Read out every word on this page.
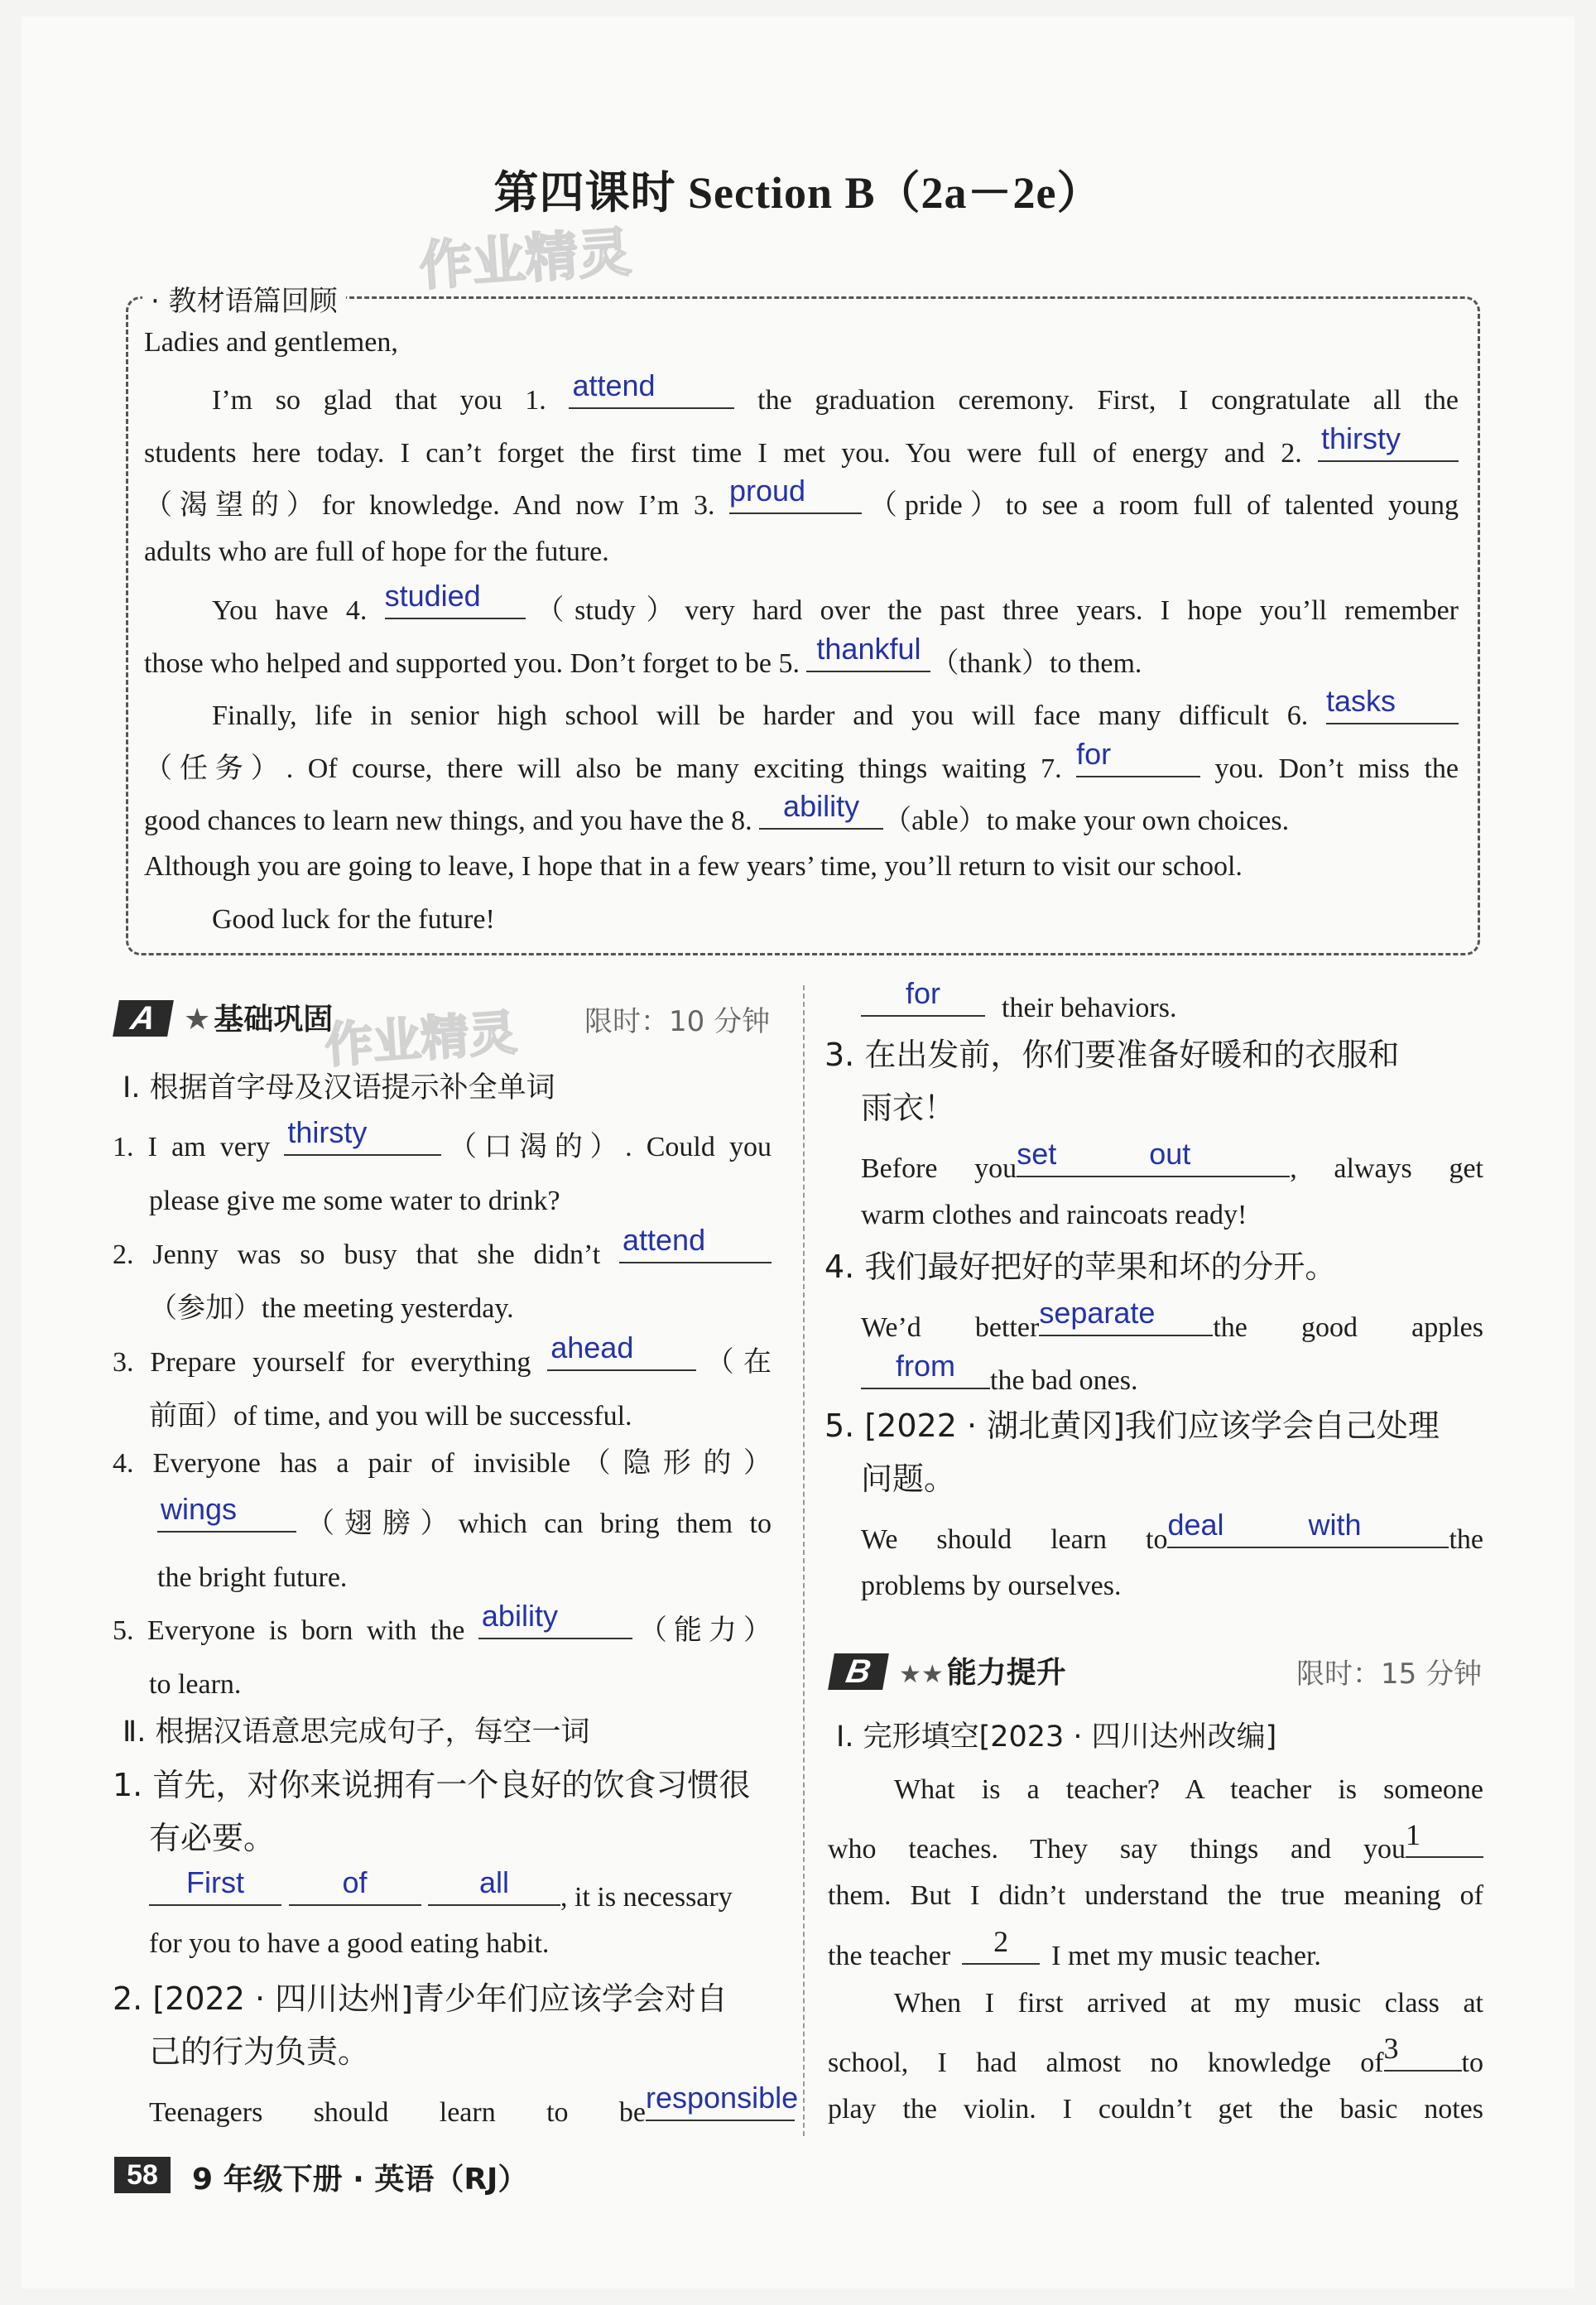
第四课时 Section B（2a－2e）
作业精灵
· 教材语篇回顾
Ladies and gentlemen,
I’m so glad that you 1. attend	the graduation ceremony. First, I congratulate all the
students here today. I can’t forget the first time I met you. You were full of energy and 2. thirsty
（渴望的）for knowledge. And now I’m 3. proud	（pride）to see a room full of talented young
adults who are full of hope for the future.
You have 4. studied	（study）very hard over the past three years. I hope you’ll remember
those who helped and supported you. Don’t forget to be 5. thankful （thank）to them.
Finally, life in senior high school will be harder and you will face many difficult 6. tasks
（任务）. Of course, there will also be many exciting things waiting 7. for	you. Don’t miss the
good chances to learn new things, and you have the 8. ability （able）to make your own choices.
Although you are going to leave, I hope that in a few years’ time, you’ll return to visit our school.
Good luck for the future!
A ★ 基础巩固
作业精灵 限时：10 分钟
Ⅰ. 根据首字母及汉语提示补全单词
1. I am very thirsty	（口渴的）. Could you
please give me some water to drink?
2. Jenny was so busy that she didn’t attend
（参加）the meeting yesterday.
3. Prepare yourself for everything ahead	（在
前面）of time, and you will be successful.
4. Everyone has a pair of invisible（隐形的）
wings	（翅膀）which can bring them to
the bright future.
5. Everyone is born with the ability	（能力）
to learn.
Ⅱ. 根据汉语意思完成句子，每空一词
1. 首先，对你来说拥有一个良好的饮食习惯很
有必要。
First
	of
	all	, it is necessary
for you to have a good eating habit.
2. [2022 · 四川达州]青少年们应该学会对自
己的行为负责。
Teenagers should learn to be responsible
for	their behaviors.
3. 在出发前，你们要准备好暖和的衣服和
雨衣！
Before you set	out	, always get
warm clothes and raincoats ready!
4. 我们最好把好的苹果和坏的分开。
We’d better separate	the good apples
from	the bad ones.
5. [2022 · 湖北黄冈]我们应该学会自己处理
问题。
We should learn to deal	with	the
problems by ourselves.
B ★★ 能力提升	限时：15 分钟
Ⅰ. 完形填空[2023 · 四川达州改编]
What is a teacher? A teacher is someone
who teaches. They say things and you 1
them. But I didn’t understand the true meaning of
the teacher	2	I met my music teacher.
When I first arrived at my music class at
school, I had almost no knowledge of 3	to
play the violin. I couldn’t get the basic notes
58	9 年级下册 · 英语（RJ）
